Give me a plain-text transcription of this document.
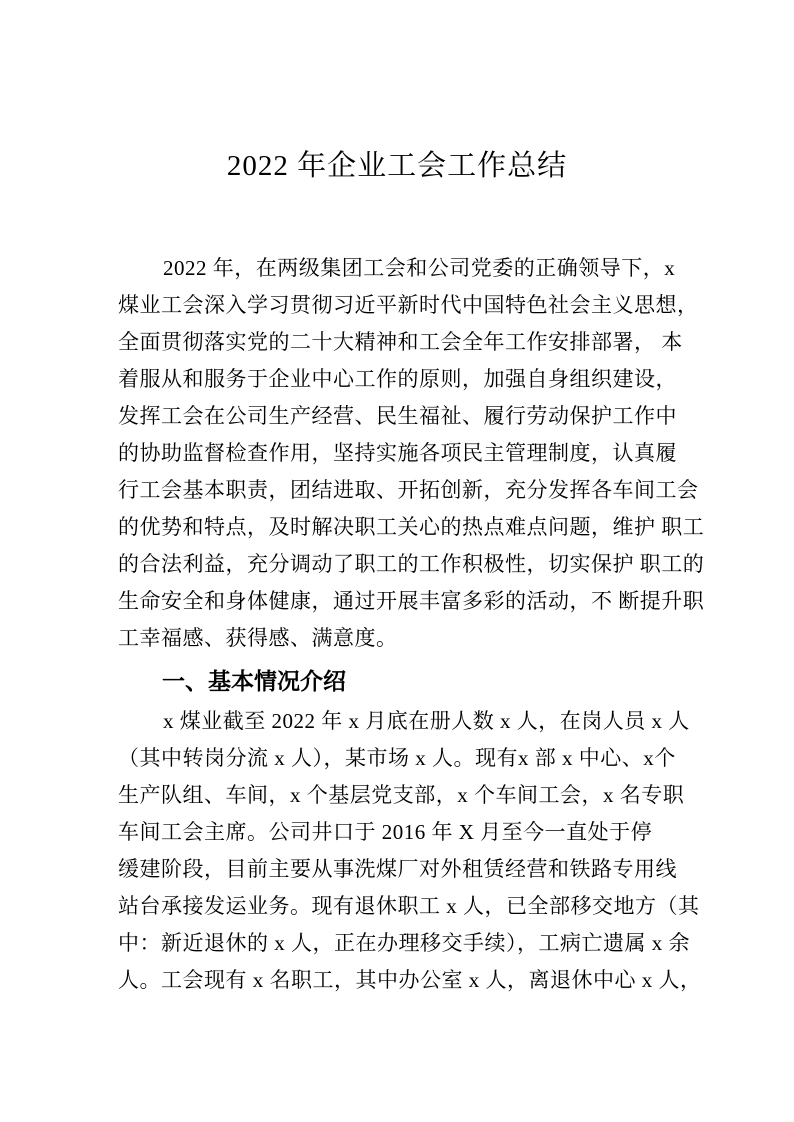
2022 年企业工会工作总结
2022 年，在两级集团工会和公司党委的正确领导下，x
煤业工会深入学习贯彻习近平新时代中国特色社会主义思想，
全面贯彻落实党的二十大精神和工会全年工作安排部署， 本
着服从和服务于企业中心工作的原则，加强自身组织建设，
发挥工会在公司生产经营、民生福祉、履行劳动保护工作中
的协助监督检查作用，坚持实施各项民主管理制度，认真履
行工会基本职责，团结进取、开拓创新，充分发挥各车间工会
的优势和特点，及时解决职工关心的热点难点问题，维护 职工
的合法利益，充分调动了职工的工作积极性，切实保护 职工的
生命安全和身体健康，通过开展丰富多彩的活动，不 断提升职
工幸福感、获得感、满意度。
一、基本情况介绍
x 煤业截至 2022 年 x 月底在册人数 x 人，在岗人员 x 人
（其中转岗分流 x 人），某市场 x 人。现有x 部 x 中心、x个
生产队组、车间，x 个基层党支部，x 个车间工会，x 名专职
车间工会主席。公司井口于 2016 年 X 月至今一直处于停
缓建阶段，目前主要从事洗煤厂对外租赁经营和铁路专用线
站台承接发运业务。现有退休职工 x 人，已全部移交地方（其
中：新近退休的 x 人，正在办理移交手续），工病亡遗属 x 余
人。工会现有 x 名职工，其中办公室 x 人，离退休中心 x 人，
